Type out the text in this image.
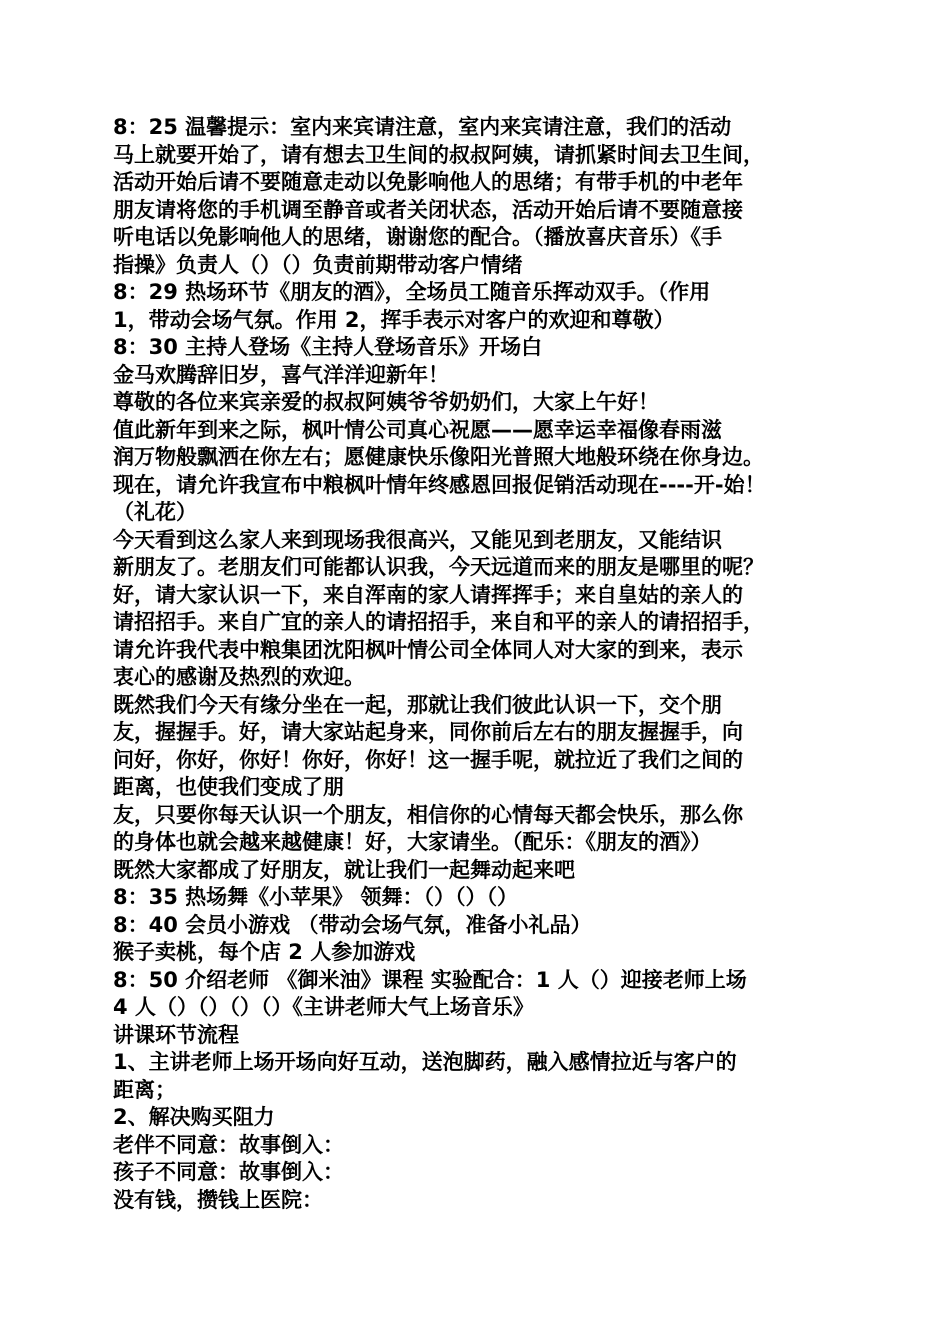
8：25 温馨提示：室内来宾请注意，室内来宾请注意，我们的活动
马上就要开始了，请有想去卫生间的叔叔阿姨，请抓紧时间去卫生间，
活动开始后请不要随意走动以免影响他人的思绪；有带手机的中老年
朋友请将您的手机调至静音或者关闭状态，活动开始后请不要随意接
听电话以免影响他人的思绪，谢谢您的配合。（播放喜庆音乐）《手
指操》负责人（）（）负责前期带动客户情绪
8：29 热场环节《朋友的酒》，全场员工随音乐挥动双手。（作用
1，带动会场气氛。作用 2，挥手表示对客户的欢迎和尊敬）
8：30 主持人登场《主持人登场音乐》开场白
金马欢腾辞旧岁，喜气洋洋迎新年！
尊敬的各位来宾亲爱的叔叔阿姨爷爷奶奶们，大家上午好！
值此新年到来之际，枫叶情公司真心祝愿——愿幸运幸福像春雨滋
润万物般飘洒在你左右；愿健康快乐像阳光普照大地般环绕在你身边。
现在，请允许我宣布中粮枫叶情年终感恩回报促销活动现在----开-始！
（礼花）
今天看到这么家人来到现场我很高兴，又能见到老朋友，又能结识
新朋友了。老朋友们可能都认识我，今天远道而来的朋友是哪里的呢？
好，请大家认识一下，来自浑南的家人请挥挥手；来自皇姑的亲人的
请招招手。来自广宜的亲人的请招招手，来自和平的亲人的请招招手，
请允许我代表中粮集团沈阳枫叶情公司全体同人对大家的到来，表示
衷心的感谢及热烈的欢迎。
既然我们今天有缘分坐在一起，那就让我们彼此认识一下，交个朋
友，握握手。好，请大家站起身来，同你前后左右的朋友握握手，向
问好，你好，你好！你好，你好！这一握手呢，就拉近了我们之间的
距离，也使我们变成了朋
友，只要你每天认识一个朋友，相信你的心情每天都会快乐，那么你
的身体也就会越来越健康！好，大家请坐。（配乐：《朋友的酒》）
既然大家都成了好朋友，就让我们一起舞动起来吧
8：35 热场舞《小苹果》 领舞：（）（）（）
8：40 会员小游戏 （带动会场气氛，准备小礼品）
猴子卖桃，每个店 2 人参加游戏
8：50 介绍老师 《御米油》课程 实验配合：1 人（）迎接老师上场
4 人（）（）（）（）《主讲老师大气上场音乐》
讲课环节流程
1、主讲老师上场开场向好互动，送泡脚药，融入感情拉近与客户的
距离；
2、解决购买阻力
老伴不同意：故事倒入：
孩子不同意：故事倒入：
没有钱，攒钱上医院：
